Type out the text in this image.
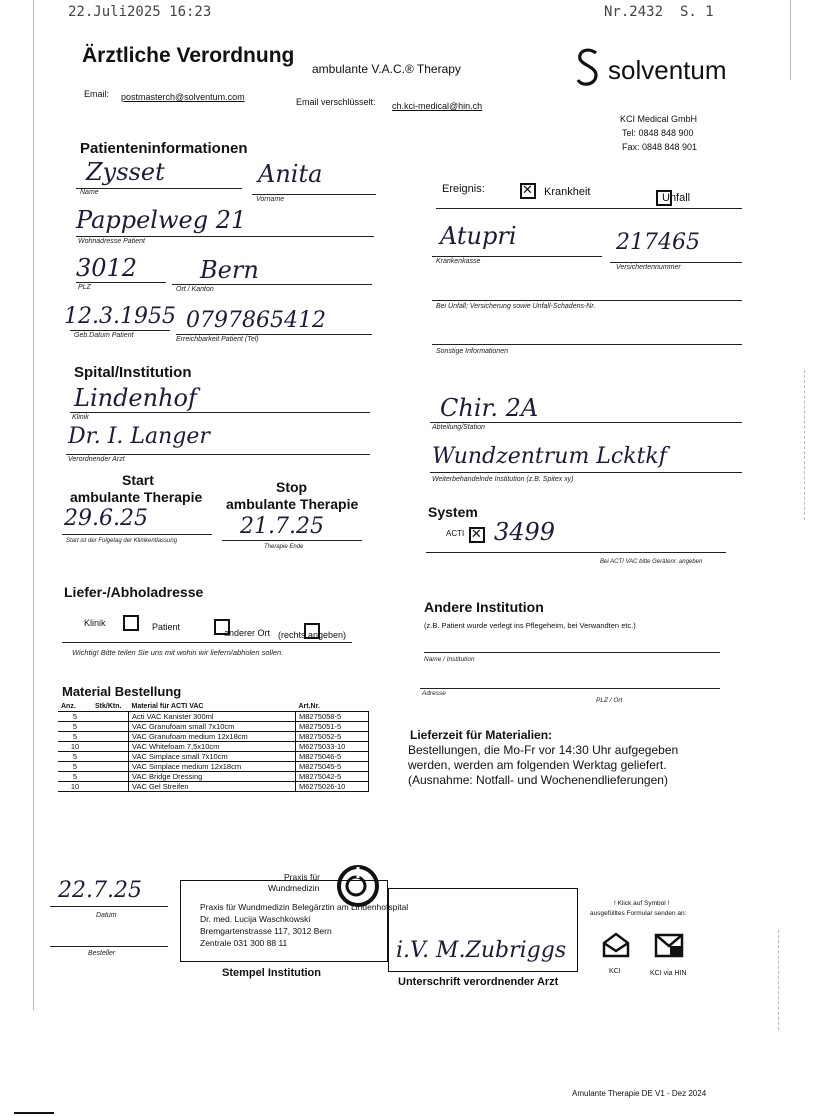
22.Juli2025 16:23	Nr.2432 S. 1
Ärztliche Verordnung
ambulante V.A.C.® Therapy
Email: postmasterch@solventum.com	Email verschlüsselt: ch.kci-medical@hin.ch
solventum
KCI Medical GmbH
Tel: 0848 848 900
Fax: 0848 848 901
Patienteninformationen
Zysset
Name
Anita
Vorname
Pappelweg 21
Wohnadresse Patient
3012
PLZ
Bern
Ort / Kanton
12.3.1955
Geb.Datum Patient
0797865412
Erreichbarkeit Patient (Tel)
Ereignis: ✕	Krankheit
	Unfall
Atupri
Krankenkasse
217465
Versichertennummer
Bei Unfall; Versicherung sowie Unfall-Schadens-Nr.
Sonstige Informationen
Spital/Institution
Lindenhof
Klinik
Dr. I. Langer
Verordnender Arzt
Chir. 2A
Abteilung/Station
Wundzentrum Lcktkf
Weiterbehandelnde Institution (z.B. Spitex xy)
Start
ambulante Therapie
Stop
ambulante Therapie
29.6.25
Start ist der Folgetag der Klinikentlassung
21.7.25
Therapie Ende
System
✕
ACTI 3499
Bei ACTI VAC bitte Gerätenr. angeben
Liefer-/Abholadresse

Klinik
	Patient
anderer Ort (rechts angeben)
Wichtig! Bitte teilen Sie uns mit wohin wir liefern/abholen sollen.
Andere Institution
(z.B. Patient wurde verlegt ins Pflegeheim, bei Verwandten etc.)
Name / Institution
Adresse
PLZ / Ort
Material Bestellung
Anz.	Stk/Ktn.	Material für ACTI VAC	Art.Nr.
5		Acti VAC Kanister 300ml	M8275058-5
5		VAC Granufoam small 7x10cm	M8275051-5
5		VAC Granufoam medium 12x18cm	M8275052-5
10		VAC Whitefoam 7,5x10cm	M6275033-10
5		VAC Simplace small 7x10cm	M8275046-5
5		VAC Simplace medium 12x18cm	M8275045-5
5		VAC Bridge Dressing	M8275042-5
10		VAC Gel Streifen	M6275026-10
Lieferzeit für Materialien:
Bestellungen, die Mo-Fr vor 14:30 Uhr aufgegeben
werden, werden am folgenden Werktag geliefert.
(Ausnahme: Notfall- und Wochenendlieferungen)
22.7.25
Datum
Besteller
Praxis für
Wundmedizin
Praxis für Wundmedizin Belegärztin am Lindenhofspital
Dr. med. Lucija Waschkowski
Bremgartenstrasse 117, 3012 Bern
Zentrale 031 300 88 11
Stempel Institution
i.V. M.Zubriggs
Unterschrift verordnender Arzt
! Klick auf Symbol !
ausgefülltes Formular senden an:
KCI	KCI via HIN
Amulante Therapie DE V1 - Dez 2024
